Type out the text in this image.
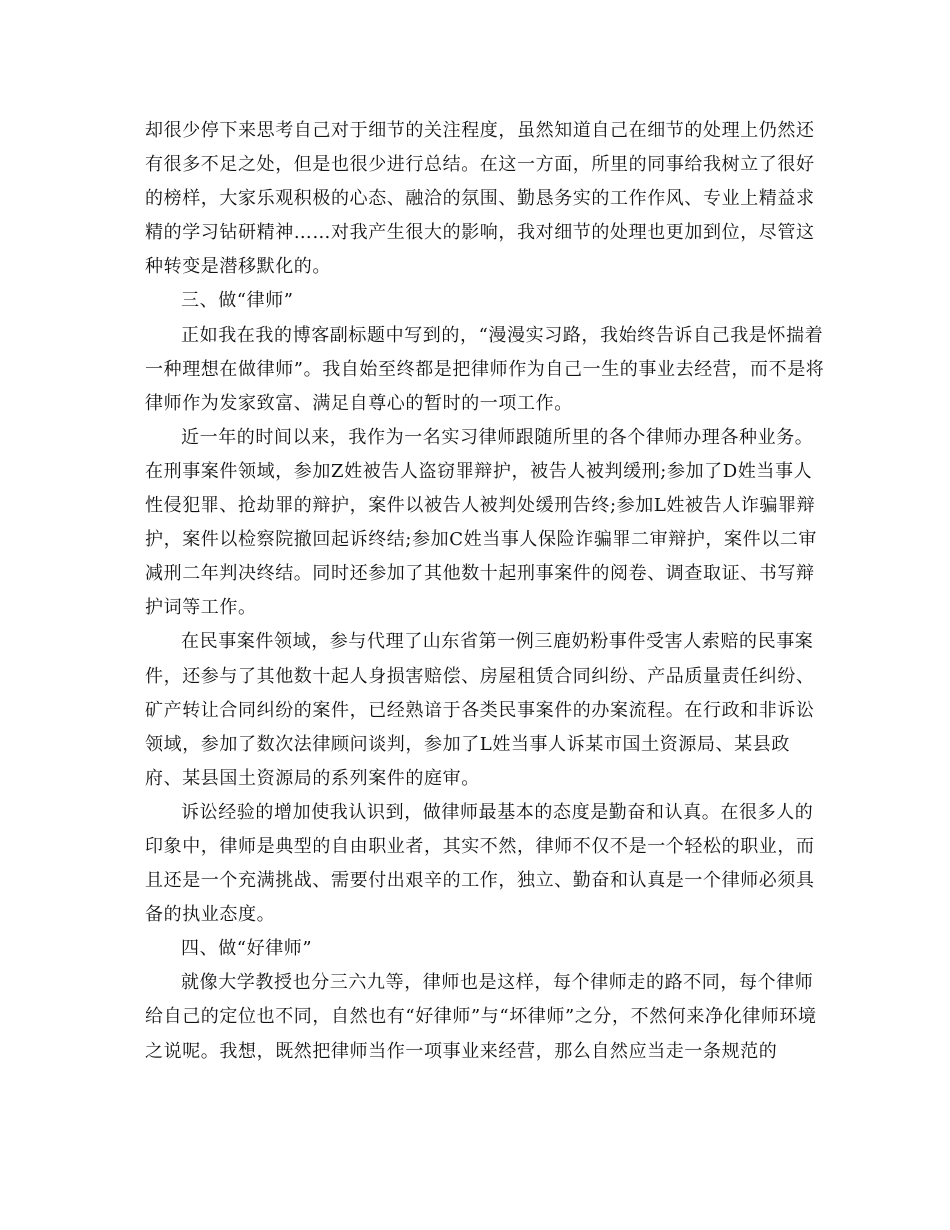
却很少停下来思考自己对于细节的关注程度，虽然知道自己在细节的处理上仍然还有很多不足之处，但是也很少进行总结。在这一方面，所里的同事给我树立了很好的榜样，大家乐观积极的心态、融洽的氛围、勤恳务实的工作作风、专业上精益求精的学习钻研精神……对我产生很大的影响，我对细节的处理也更加到位，尽管这种转变是潜移默化的。

三、做“律师”

正如我在我的博客副标题中写到的，“漫漫实习路，我始终告诉自己我是怀揣着一种理想在做律师”。我自始至终都是把律师作为自己一生的事业去经营，而不是将律师作为发家致富、满足自尊心的暂时的一项工作。

近一年的时间以来，我作为一名实习律师跟随所里的各个律师办理各种业务。在刑事案件领域，参加Z姓被告人盗窃罪辩护，被告人被判缓刑;参加了D姓当事人性侵犯罪、抢劫罪的辩护，案件以被告人被判处缓刑告终;参加L姓被告人诈骗罪辩护，案件以检察院撤回起诉终结;参加C姓当事人保险诈骗罪二审辩护，案件以二审减刑二年判决终结。同时还参加了其他数十起刑事案件的阅卷、调查取证、书写辩护词等工作。

在民事案件领域，参与代理了山东省第一例三鹿奶粉事件受害人索赔的民事案件，还参与了其他数十起人身损害赔偿、房屋租赁合同纠纷、产品质量责任纠纷、矿产转让合同纠纷的案件，已经熟谙于各类民事案件的办案流程。在行政和非诉讼领域，参加了数次法律顾问谈判，参加了L姓当事人诉某市国土资源局、某县政府、某县国土资源局的系列案件的庭审。

诉讼经验的增加使我认识到，做律师最基本的态度是勤奋和认真。在很多人的印象中，律师是典型的自由职业者，其实不然，律师不仅不是一个轻松的职业，而且还是一个充满挑战、需要付出艰辛的工作，独立、勤奋和认真是一个律师必须具备的执业态度。

四、做“好律师”

就像大学教授也分三六九等，律师也是这样，每个律师走的路不同，每个律师给自己的定位也不同，自然也有“好律师”与“坏律师”之分，不然何来净化律师环境之说呢。我想，既然把律师当作一项事业来经营，那么自然应当走一条规范的
